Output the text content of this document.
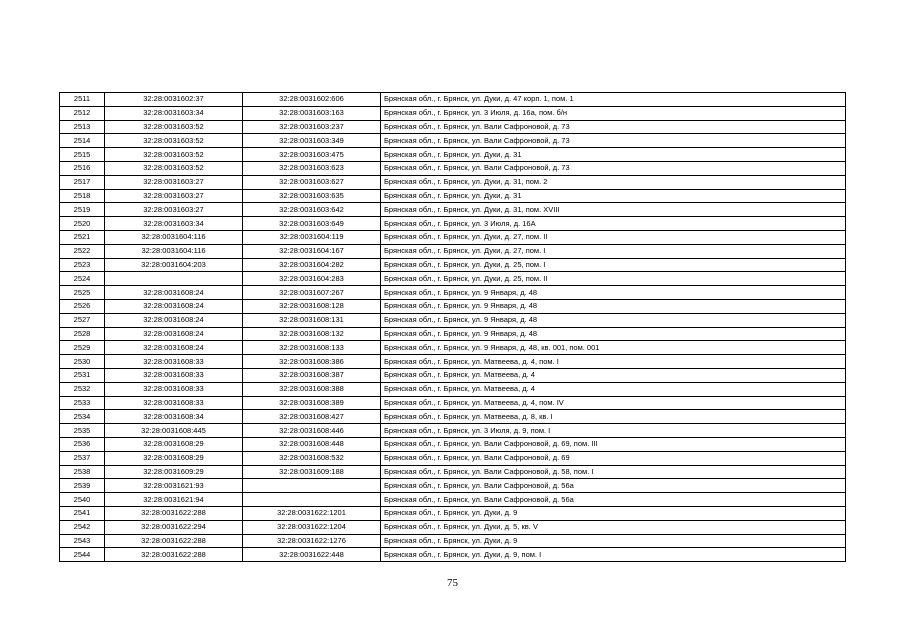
2511	32:28:0031602:37	32:28:0031602:606	Брянская обл., г. Брянск, ул. Дуки, д. 47 корп. 1, пом. 1
2512	32:28:0031603:34	32:28:0031603:163	Брянская обл., г. Брянск, ул. 3 Июля, д. 16а, пом. б/н
2513	32:28:0031603:52	32:28:0031603:237	Брянская обл., г. Брянск, ул. Вали Сафроновой, д. 73
2514	32:28:0031603:52	32:28:0031603:349	Брянская обл., г. Брянск, ул. Вали Сафроновой, д. 73
2515	32:28:0031603:52	32:28:0031603:475	Брянская обл., г. Брянск, ул. Дуки, д. 31
2516	32:28:0031603:52	32:28:0031603:623	Брянская обл., г. Брянск, ул. Вали Сафроновой, д. 73
2517	32:28:0031603:27	32:28:0031603:627	Брянская обл., г. Брянск, ул. Дуки, д. 31, пом. 2
2518	32:28:0031603:27	32:28:0031603:635	Брянская обл., г. Брянск, ул. Дуки, д. 31
2519	32:28:0031603:27	32:28:0031603:642	Брянская обл., г. Брянск, ул. Дуки, д. 31, пом. XVIII
2520	32:28:0031603:34	32:28:0031603:649	Брянская обл., г. Брянск, ул. 3 Июля, д. 16А
2521	32:28:0031604:116	32:28:0031604:119	Брянская обл., г. Брянск, ул. Дуки, д. 27, пом. II
2522	32:28:0031604:116	32:28:0031604:167	Брянская обл., г. Брянск, ул. Дуки, д. 27, пом. I
2523	32:28:0031604:203	32:28:0031604:282	Брянская обл., г. Брянск, ул. Дуки, д. 25, пом. I
2524		32:28:0031604:283	Брянская обл., г. Брянск, ул. Дуки, д. 25, пом. II
2525	32:28:0031608:24	32:28:0031607:267	Брянская обл., г. Брянск, ул. 9 Января, д. 48
2526	32:28:0031608:24	32:28:0031608:128	Брянская обл., г. Брянск, ул. 9 Января, д. 48
2527	32:28:0031608:24	32:28:0031608:131	Брянская обл., г. Брянск, ул. 9 Января, д. 48
2528	32:28:0031608:24	32:28:0031608:132	Брянская обл., г. Брянск, ул. 9 Января, д. 48
2529	32:28:0031608:24	32:28:0031608:133	Брянская обл., г. Брянск, ул. 9 Января, д. 48, кв. 001, пом. 001
2530	32:28:0031608:33	32:28:0031608:386	Брянская обл., г. Брянск, ул. Матвеева, д. 4, пом. I
2531	32:28:0031608:33	32:28:0031608:387	Брянская обл., г. Брянск, ул. Матвеева, д. 4
2532	32:28:0031608:33	32:28:0031608:388	Брянская обл., г. Брянск, ул. Матвеева, д. 4
2533	32:28:0031608:33	32:28:0031608:389	Брянская обл., г. Брянск, ул. Матвеева, д. 4, пом. IV
2534	32:28:0031608:34	32:28:0031608:427	Брянская обл., г. Брянск, ул. Матвеева, д. 8, кв. I
2535	32:28:0031608:445	32:28:0031608:446	Брянская обл., г. Брянск, ул. 3 Июля, д. 9, пом. I
2536	32:28:0031608:29	32:28:0031608:448	Брянская обл., г. Брянск, ул. Вали Сафроновой, д. 69, пом. III
2537	32:28:0031608:29	32:28:0031608:532	Брянская обл., г. Брянск, ул. Вали Сафроновой, д. 69
2538	32:28:0031609:29	32:28:0031609:188	Брянская обл., г. Брянск, ул. Вали Сафроновой, д. 58, пом. I
2539	32:28:0031621:93		Брянская обл., г. Брянск, ул. Вали Сафроновой, д. 56а
2540	32:28:0031621:94		Брянская обл., г. Брянск, ул. Вали Сафроновой, д. 56а
2541	32:28:0031622:288	32:28:0031622:1201	Брянская обл., г. Брянск, ул. Дуки, д. 9
2542	32:28:0031622:294	32:28:0031622:1204	Брянская обл., г. Брянск, ул. Дуки, д. 5, кв. V
2543	32:28:0031622:288	32:28:0031622:1276	Брянская обл., г. Брянск, ул. Дуки, д. 9
2544	32:28:0031622:288	32:28:0031622:448	Брянская обл., г. Брянск, ул. Дуки, д. 9, пом. I
75
